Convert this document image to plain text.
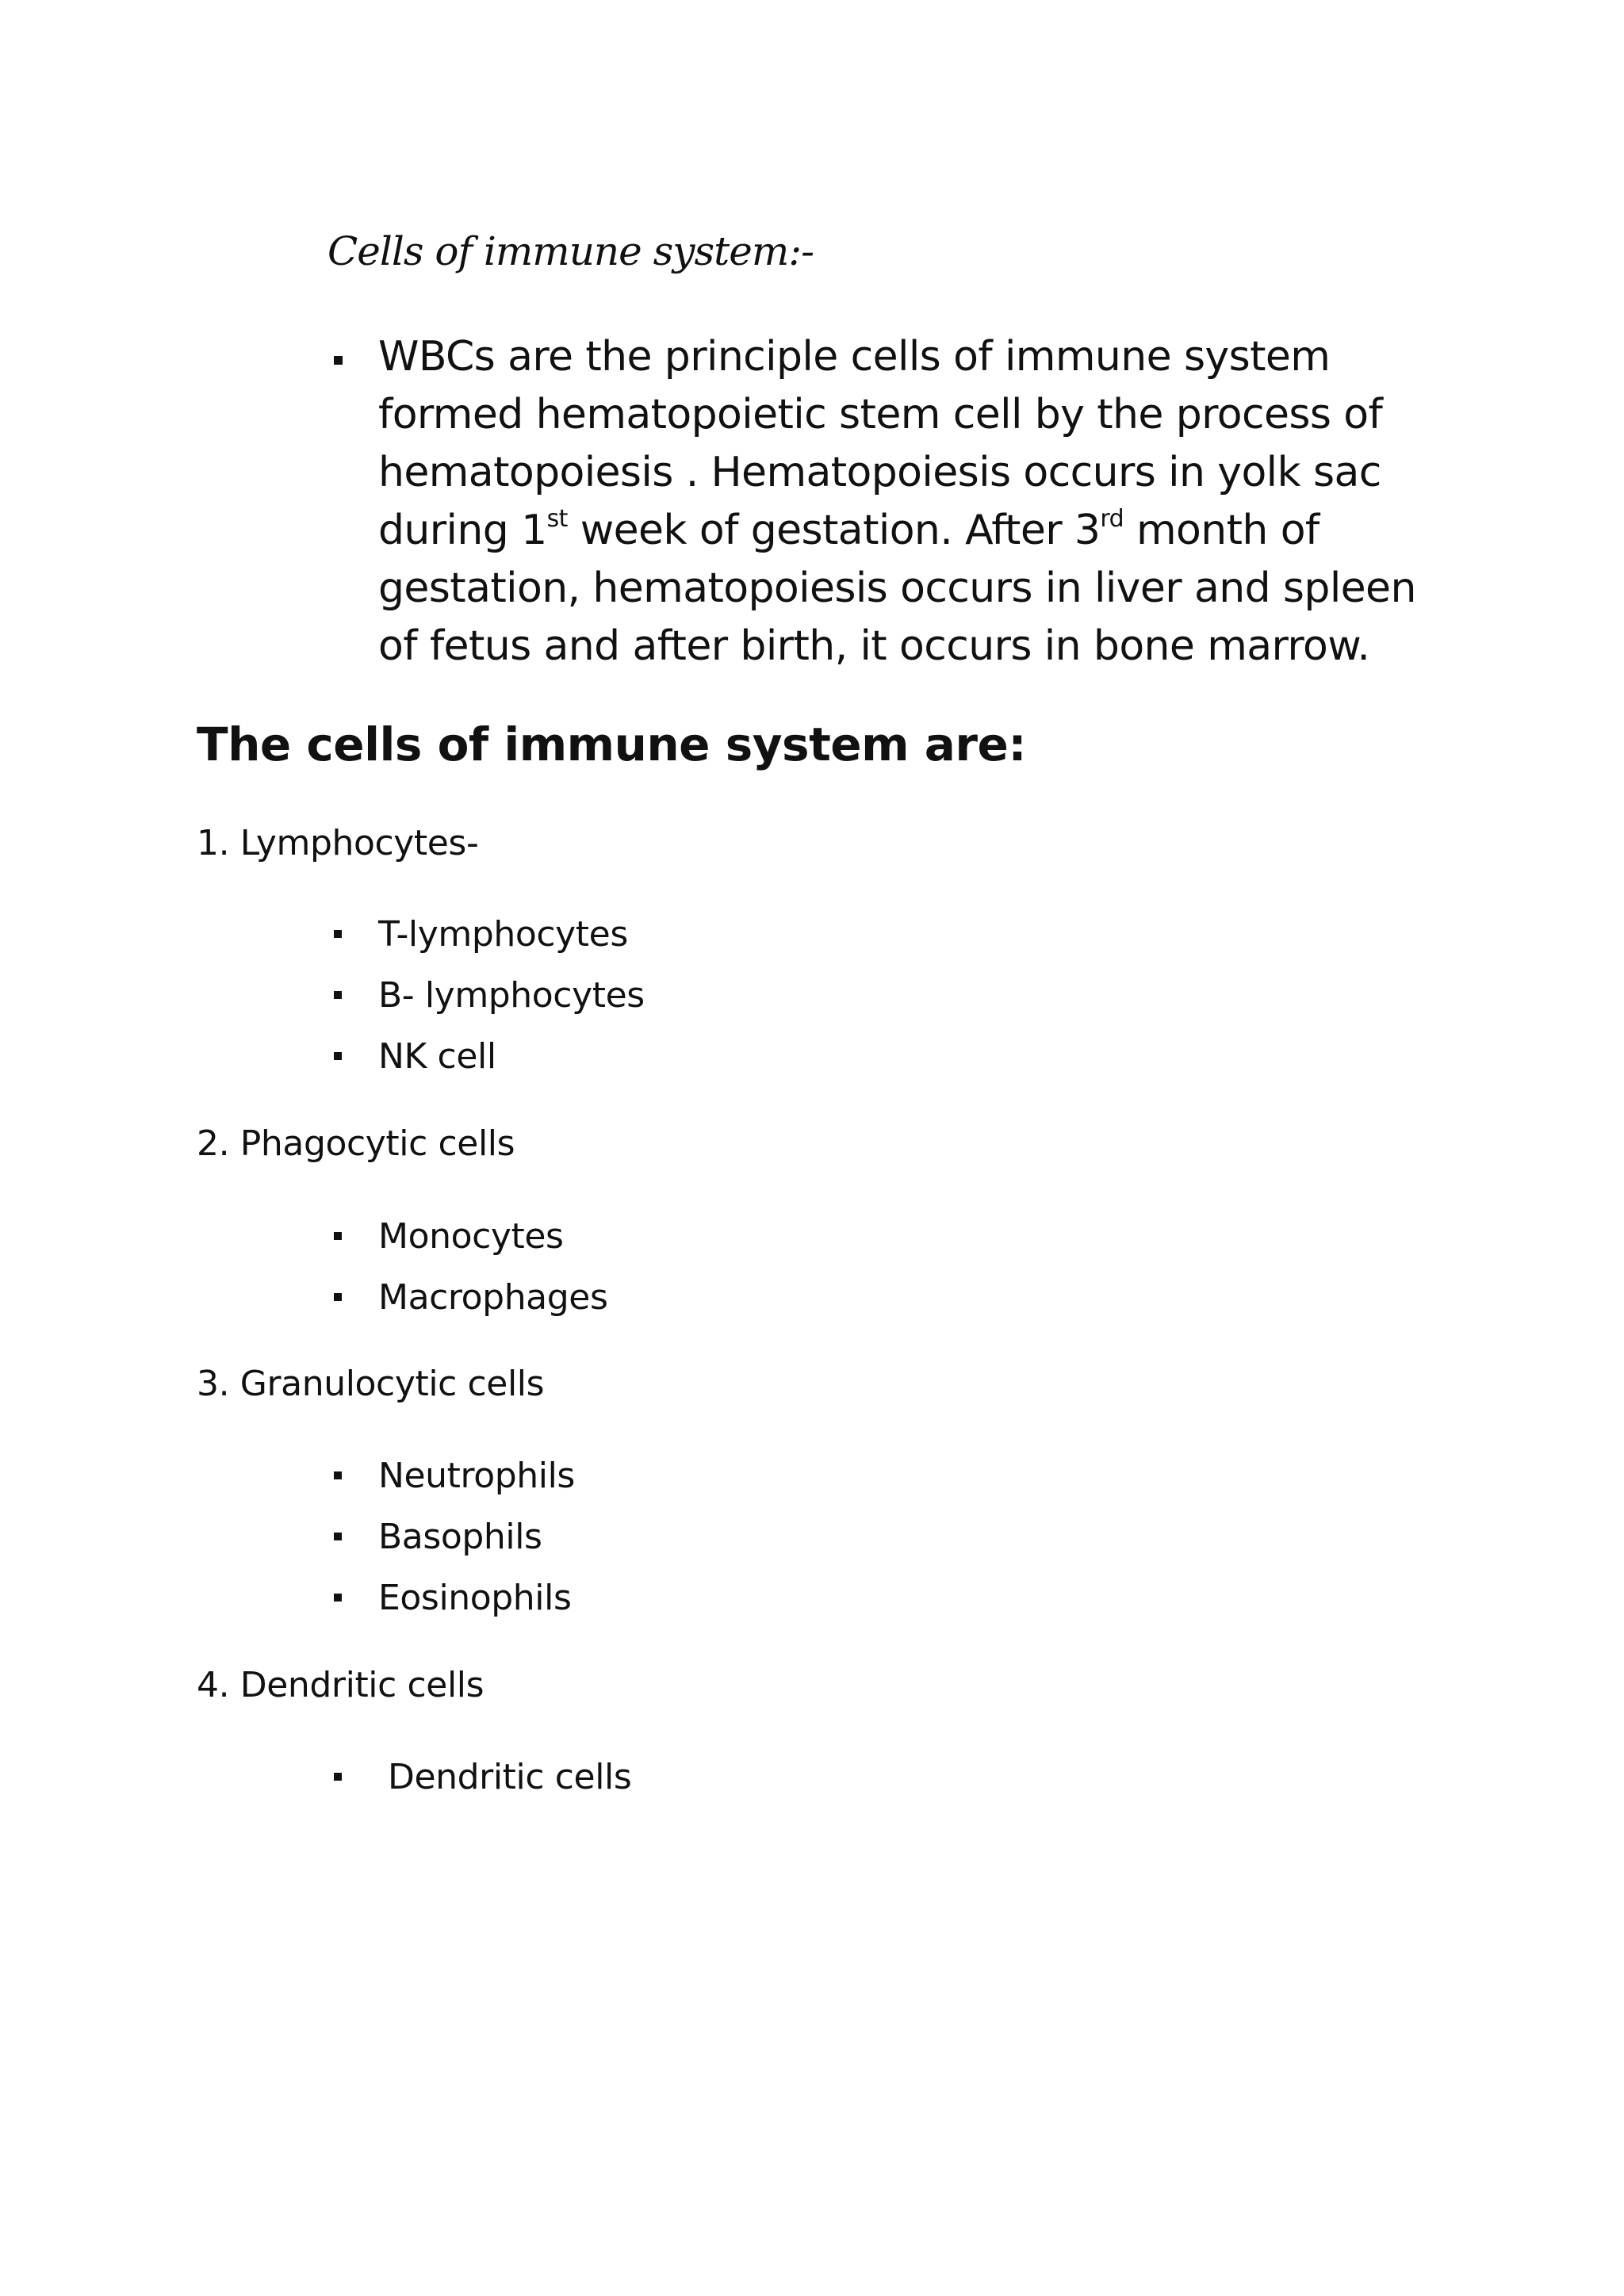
Cells of immune system:-
WBCs are the principle cells of immune system formed hematopoietic stem cell by the process of hematopoiesis . Hematopoiesis occurs in yolk sac during 1st week of gestation. After 3rd month of gestation, hematopoiesis occurs in liver and spleen of fetus and after birth, it occurs in bone marrow.
The cells of immune system are:
1. Lymphocytes-
T-lymphocytes
B- lymphocytes
NK cell
2. Phagocytic cells
Monocytes
Macrophages
3. Granulocytic cells
Neutrophils
Basophils
Eosinophils
4. Dendritic cells
Dendritic cells
